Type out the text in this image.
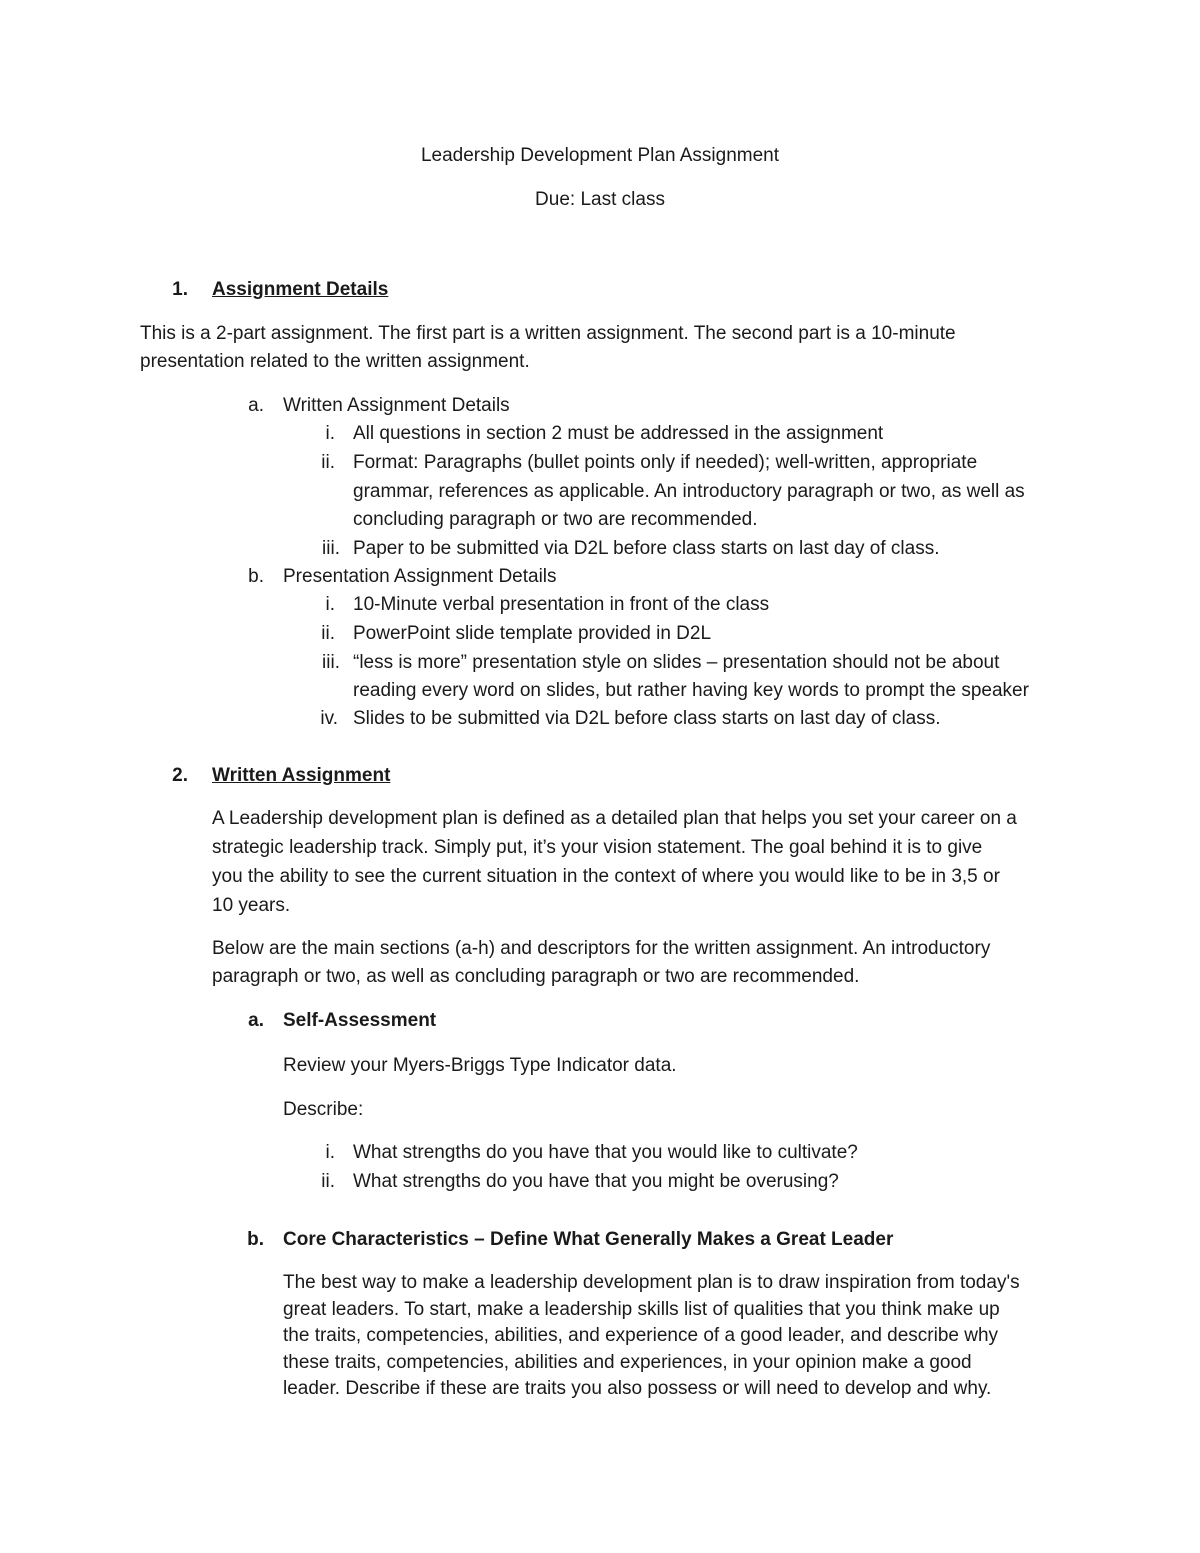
Leadership Development Plan Assignment

Due: Last class

1. Assignment Details

This is a 2-part assignment. The first part is a written assignment. The second part is a 10-minute

presentation related to the written assignment.

a. Written Assignment Details

i. All questions in section 2 must be addressed in the assignment

ii. Format: Paragraphs (bullet points only if needed); well-written, appropriate

grammar, references as applicable. An introductory paragraph or two, as well as

concluding paragraph or two are recommended.

iii. Paper to be submitted via D2L before class starts on last day of class.

b. Presentation Assignment Details

i. 10-Minute verbal presentation in front of the class

ii. PowerPoint slide template provided in D2L

iii. “less is more” presentation style on slides – presentation should not be about

reading every word on slides, but rather having key words to prompt the speaker

iv. Slides to be submitted via D2L before class starts on last day of class.

2. Written Assignment

A Leadership development plan is defined as a detailed plan that helps you set your career on a

strategic leadership track. Simply put, it’s your vision statement. The goal behind it is to give

you the ability to see the current situation in the context of where you would like to be in 3,5 or

10 years.

Below are the main sections (a-h) and descriptors for the written assignment. An introductory

paragraph or two, as well as concluding paragraph or two are recommended.

a. Self-Assessment

Review your Myers-Briggs Type Indicator data.

Describe:

i. What strengths do you have that you would like to cultivate?

ii. What strengths do you have that you might be overusing?

b. Core Characteristics – Define What Generally Makes a Great Leader

The best way to make a leadership development plan is to draw inspiration from today's

great leaders. To start, make a leadership skills list of qualities that you think make up

the traits, competencies, abilities, and experience of a good leader, and describe why

these traits, competencies, abilities and experiences, in your opinion make a good

leader. Describe if these are traits you also possess or will need to develop and why.
